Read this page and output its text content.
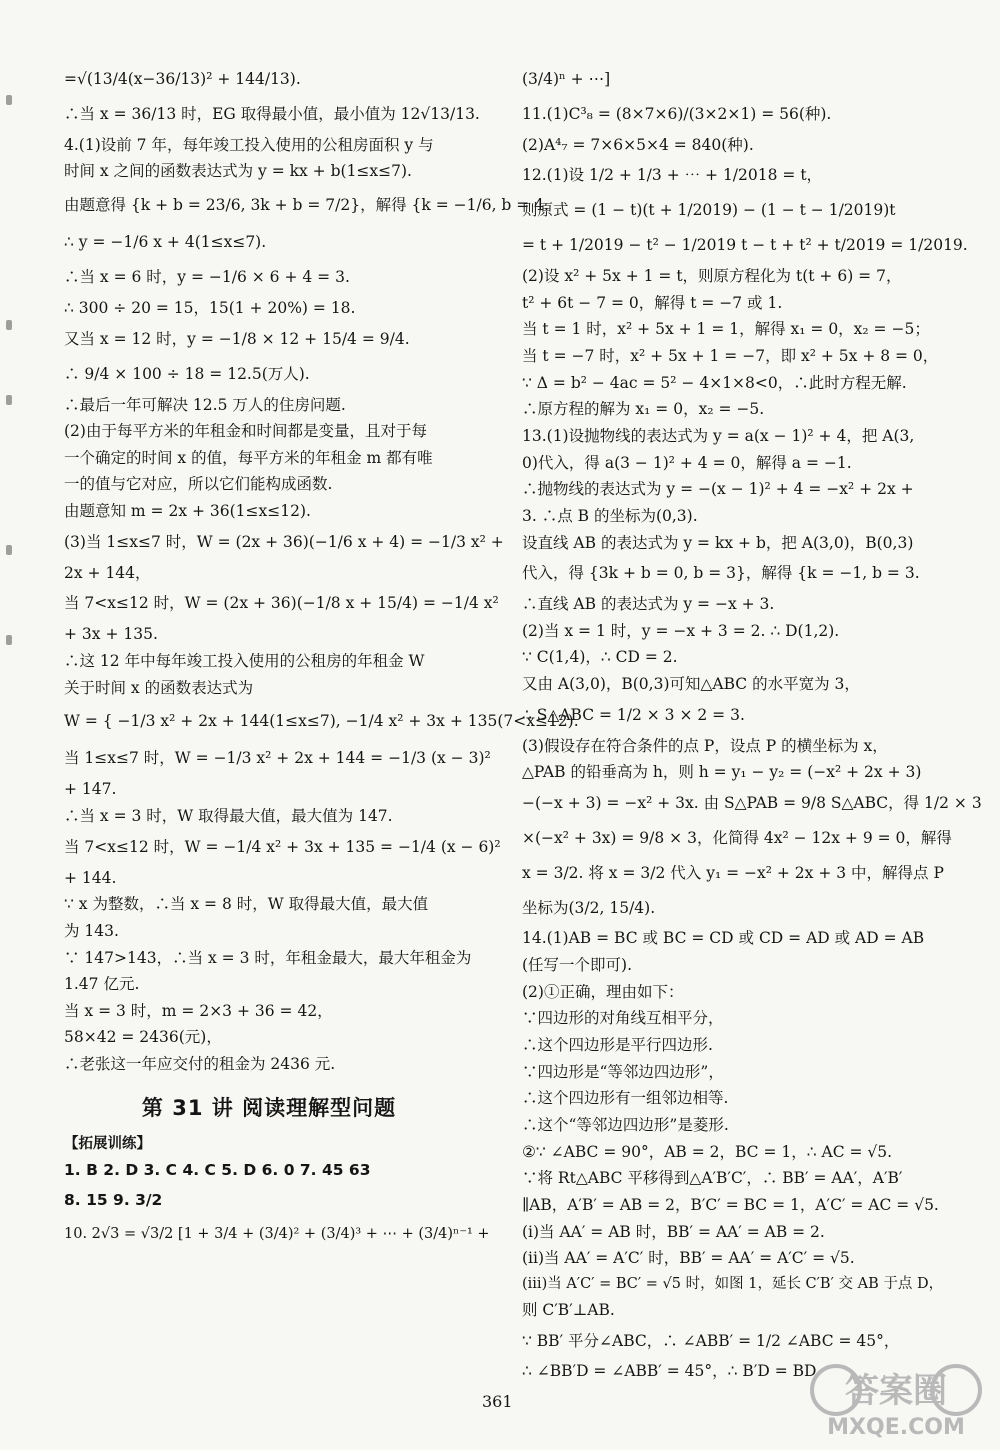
=√(13/4(x−36/13)² + 144/13).

∴当 x = 36/13 时，EG 取得最小值，最小值为 12√13/13.

4.(1)设前 7 年，每年竣工投入使用的公租房面积 y 与

时间 x 之间的函数表达式为 y = kx + b(1≤x≤7).

由题意得 {k + b = 23/6, 3k + b = 7/2}，解得 {k = −1/6, b = 4.

∴ y = −1/6 x + 4(1≤x≤7).

∴当 x = 6 时，y = −1/6 × 6 + 4 = 3.

∴ 300 ÷ 20 = 15，15(1 + 20%) = 18.

又当 x = 12 时，y = −1/8 × 12 + 15/4 = 9/4.

∴ 9/4 × 100 ÷ 18 = 12.5(万人).

∴最后一年可解决 12.5 万人的住房问题.

(2)由于每平方米的年租金和时间都是变量，且对于每

一个确定的时间 x 的值，每平方米的年租金 m 都有唯

一的值与它对应，所以它们能构成函数.

由题意知 m = 2x + 36(1≤x≤12).

(3)当 1≤x≤7 时，W = (2x + 36)(−1/6 x + 4) = −1/3 x² +

2x + 144，

当 7<x≤12 时，W = (2x + 36)(−1/8 x + 15/4) = −1/4 x²

+ 3x + 135.

∴这 12 年中每年竣工投入使用的公租房的年租金 W

关于时间 x 的函数表达式为

W = { −1/3 x² + 2x + 144(1≤x≤7), −1/4 x² + 3x + 135(7<x≤12).

当 1≤x≤7 时，W = −1/3 x² + 2x + 144 = −1/3 (x − 3)²

+ 147.

∴当 x = 3 时，W 取得最大值，最大值为 147.

当 7<x≤12 时，W = −1/4 x² + 3x + 135 = −1/4 (x − 6)²

+ 144.

∵ x 为整数，∴当 x = 8 时，W 取得最大值，最大值

为 143.

∵ 147>143，∴当 x = 3 时，年租金最大，最大年租金为

1.47 亿元.

当 x = 3 时，m = 2×3 + 36 = 42，

58×42 = 2436(元)，

∴老张这一年应交付的租金为 2436 元.

第 31 讲 阅读理解型问题
【拓展训练】

1. B 2. D 3. C 4. C 5. D 6. 0 7. 45 63

8. 15 9. 3/2

10. 2√3 = √3/2 [1 + 3/4 + (3/4)² + (3/4)³ + ⋯ + (3/4)ⁿ⁻¹ +

(3/4)ⁿ + ⋯]

11.(1)C³₈ = (8×7×6)/(3×2×1) = 56(种).

(2)A⁴₇ = 7×6×5×4 = 840(种).

12.(1)设 1/2 + 1/3 + ⋯ + 1/2018 = t，

则原式 = (1 − t)(t + 1/2019) − (1 − t − 1/2019)t

= t + 1/2019 − t² − 1/2019 t − t + t² + t/2019 = 1/2019.

(2)设 x² + 5x + 1 = t，则原方程化为 t(t + 6) = 7，

t² + 6t − 7 = 0，解得 t = −7 或 1.

当 t = 1 时，x² + 5x + 1 = 1，解得 x₁ = 0，x₂ = −5；

当 t = −7 时，x² + 5x + 1 = −7，即 x² + 5x + 8 = 0，

∵ Δ = b² − 4ac = 5² − 4×1×8<0，∴此时方程无解.

∴原方程的解为 x₁ = 0，x₂ = −5.

13.(1)设抛物线的表达式为 y = a(x − 1)² + 4，把 A(3,

0)代入，得 a(3 − 1)² + 4 = 0，解得 a = −1.

∴抛物线的表达式为 y = −(x − 1)² + 4 = −x² + 2x +

3. ∴点 B 的坐标为(0,3).

设直线 AB 的表达式为 y = kx + b，把 A(3,0)，B(0,3)

代入，得 {3k + b = 0, b = 3}，解得 {k = −1, b = 3.

∴直线 AB 的表达式为 y = −x + 3.

(2)当 x = 1 时，y = −x + 3 = 2. ∴ D(1,2).

∵ C(1,4)，∴ CD = 2.

又由 A(3,0)，B(0,3)可知△ABC 的水平宽为 3，

∴ S△ABC = 1/2 × 3 × 2 = 3.

(3)假设存在符合条件的点 P，设点 P 的横坐标为 x，

△PAB 的铅垂高为 h，则 h = y₁ − y₂ = (−x² + 2x + 3)

−(−x + 3) = −x² + 3x. 由 S△PAB = 9/8 S△ABC，得 1/2 × 3

×(−x² + 3x) = 9/8 × 3，化简得 4x² − 12x + 9 = 0，解得

x = 3/2. 将 x = 3/2 代入 y₁ = −x² + 2x + 3 中，解得点 P

坐标为(3/2, 15/4).

14.(1)AB = BC 或 BC = CD 或 CD = AD 或 AD = AB

(任写一个即可).

(2)①正确，理由如下：

∵四边形的对角线互相平分，

∴这个四边形是平行四边形.

∵四边形是“等邻边四边形”，

∴这个四边形有一组邻边相等.

∴这个“等邻边四边形”是菱形.

②∵ ∠ABC = 90°，AB = 2，BC = 1，∴ AC = √5.

∵将 Rt△ABC 平移得到△A′B′C′，∴ BB′ = AA′，A′B′

∥AB，A′B′ = AB = 2，B′C′ = BC = 1，A′C′ = AC = √5.

(i)当 AA′ = AB 时，BB′ = AA′ = AB = 2.

(ii)当 AA′ = A′C′ 时，BB′ = AA′ = A′C′ = √5.

(iii)当 A′C′ = BC′ = √5 时，如图 1，延长 C′B′ 交 AB 于点 D，

则 C′B′⊥AB.

∵ BB′ 平分∠ABC，∴ ∠ABB′ = 1/2 ∠ABC = 45°，

∴ ∠BB′D = ∠ABB′ = 45°，∴ B′D = BD.

361	答案圈
MXQE.COM
